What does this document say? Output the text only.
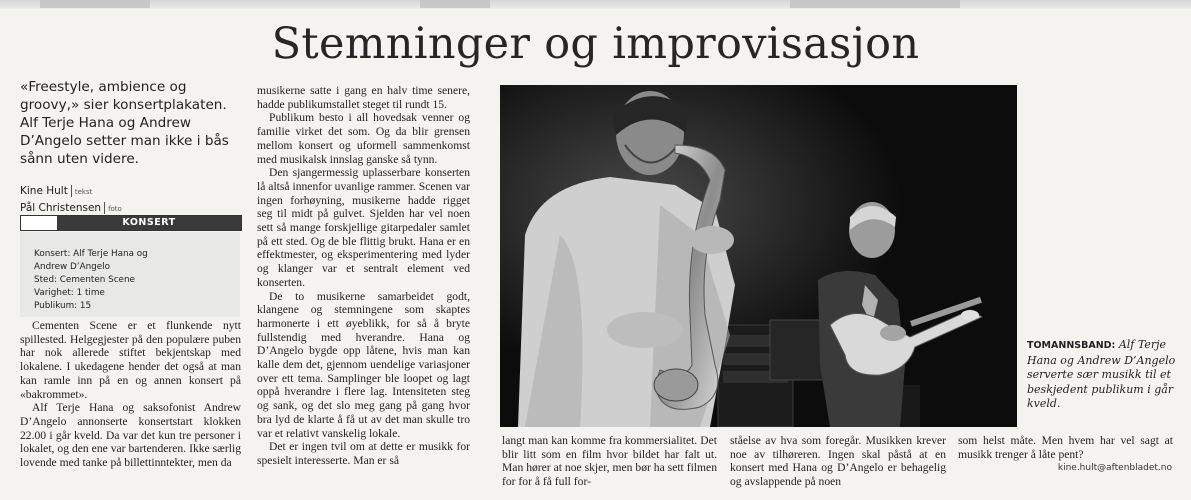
Stemninger og improvisasjon

«Freestyle, ambience og groovy,» sier konsertplakaten. Alf Terje Hana og Andrew D’Angelo setter man ikke i bås sånn uten videre.

Kine Hult tekst
Pål Christensen foto
KONSERT
Konsert: Alf Terje Hana og
Andrew D’Angelo
Sted: Cementen Scene
Varighet: 1 time
Publikum: 15

Cementen Scene er et flunkende nytt spillested. Helgegjester på den populære puben har nok allerede stiftet bekjentskap med lokalene. I ukedagene hender det også at man kan ramle inn på en og annen konsert på «bakrommet».

Alf Terje Hana og saksofonist Andrew D’Angelo annonserte konsertstart klokken 22.00 i går kveld. Da var det kun tre personer i lokalet, og den ene var bartenderen. Ikke særlig lovende med tanke på billettinntekter, men da

musikerne satte i gang en halv time senere, hadde publikumstallet steget til rundt 15.

Publikum besto i all hovedsak venner og familie virket det som. Og da blir grensen mellom konsert og uformell sammenkomst med musikalsk innslag ganske så tynn.

Den sjangermessig uplasserbare konserten lå altså innenfor uvanlige rammer. Scenen var ingen forhøyning, musikerne hadde rigget seg til midt på gulvet. Sjelden har vel noen sett så mange forskjellige gitarpedaler samlet på ett sted. Og de ble flittig brukt. Hana er en effektmester, og eksperimentering med lyder og klanger var et sentralt element ved konserten.

De to musikerne samarbeidet godt, klangene og stemningene som skaptes harmonerte i ett øyeblikk, for så å bryte fullstendig med hverandre. Hana og D’Angelo bygde opp låtene, hvis man kan kalle dem det, gjennom uendelige variasjoner over ett tema. Samplinger ble loopet og lagt oppå hverandre i flere lag. Intensiteten steg og sank, og det slo meg gang på gang hvor bra lyd de klarte å få ut av det man skulle tro var et relativt vanskelig lokale.

Det er ingen tvil om at dette er musikk for spesielt interesserte. Man er så

TOMANNSBAND: Alf Terje Hana og Andrew D’Angelo serverte sær musikk til et beskjedent publikum i går kveld.

langt man kan komme fra kommersialitet. Det blir litt som en film hvor bildet har falt ut. Man hører at noe skjer, men bør ha sett filmen for for å få full for-

ståelse av hva som foregår. Musikken krever noe av tilhøreren. Ingen skal påstå at en konsert med Hana og D’Angelo er behagelig og avslappende på noen

som helst måte. Men hvem har vel sagt at musikk trenger å låte pent?

kine.hult@aftenbladet.no
